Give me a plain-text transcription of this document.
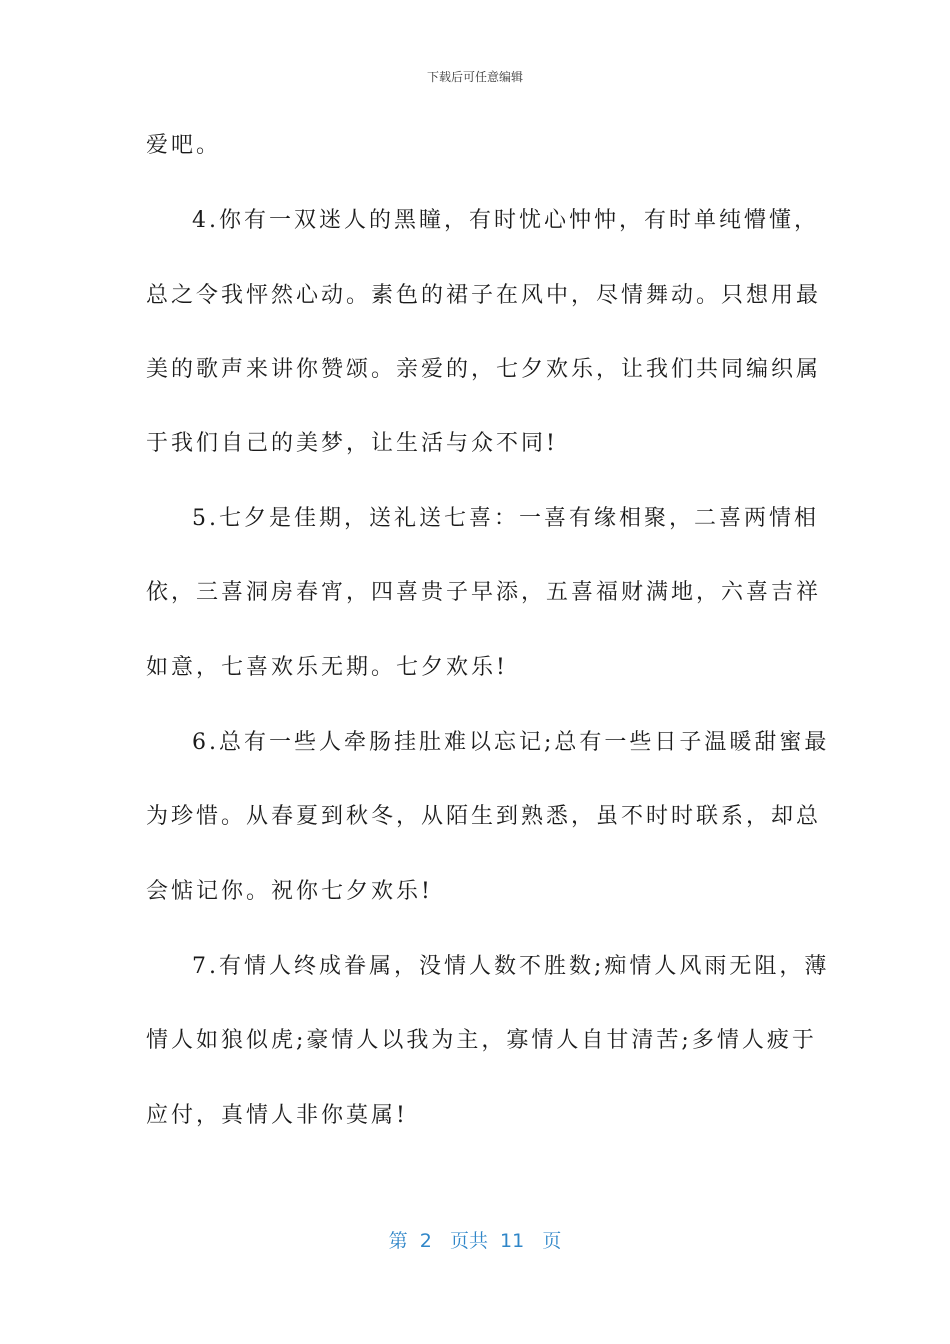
下载后可任意编辑
爱吧。
4.你有一双迷人的黑瞳，有时忧心忡忡，有时单纯懵懂，
总之令我怦然心动。素色的裙子在风中，尽情舞动。只想用最
美的歌声来讲你赞颂。亲爱的，七夕欢乐，让我们共同编织属
于我们自己的美梦，让生活与众不同!
5.七夕是佳期，送礼送七喜：一喜有缘相聚，二喜两情相
依，三喜洞房春宵，四喜贵子早添，五喜福财满地，六喜吉祥
如意，七喜欢乐无期。七夕欢乐!
6.总有一些人牵肠挂肚难以忘记;总有一些日子温暖甜蜜最
为珍惜。从春夏到秋冬，从陌生到熟悉，虽不时时联系，却总
会惦记你。祝你七夕欢乐!
7.有情人终成眷属，没情人数不胜数;痴情人风雨无阻，薄
情人如狼似虎;豪情人以我为主，寡情人自甘清苦;多情人疲于
应付，真情人非你莫属!
第  2   页共  11   页
